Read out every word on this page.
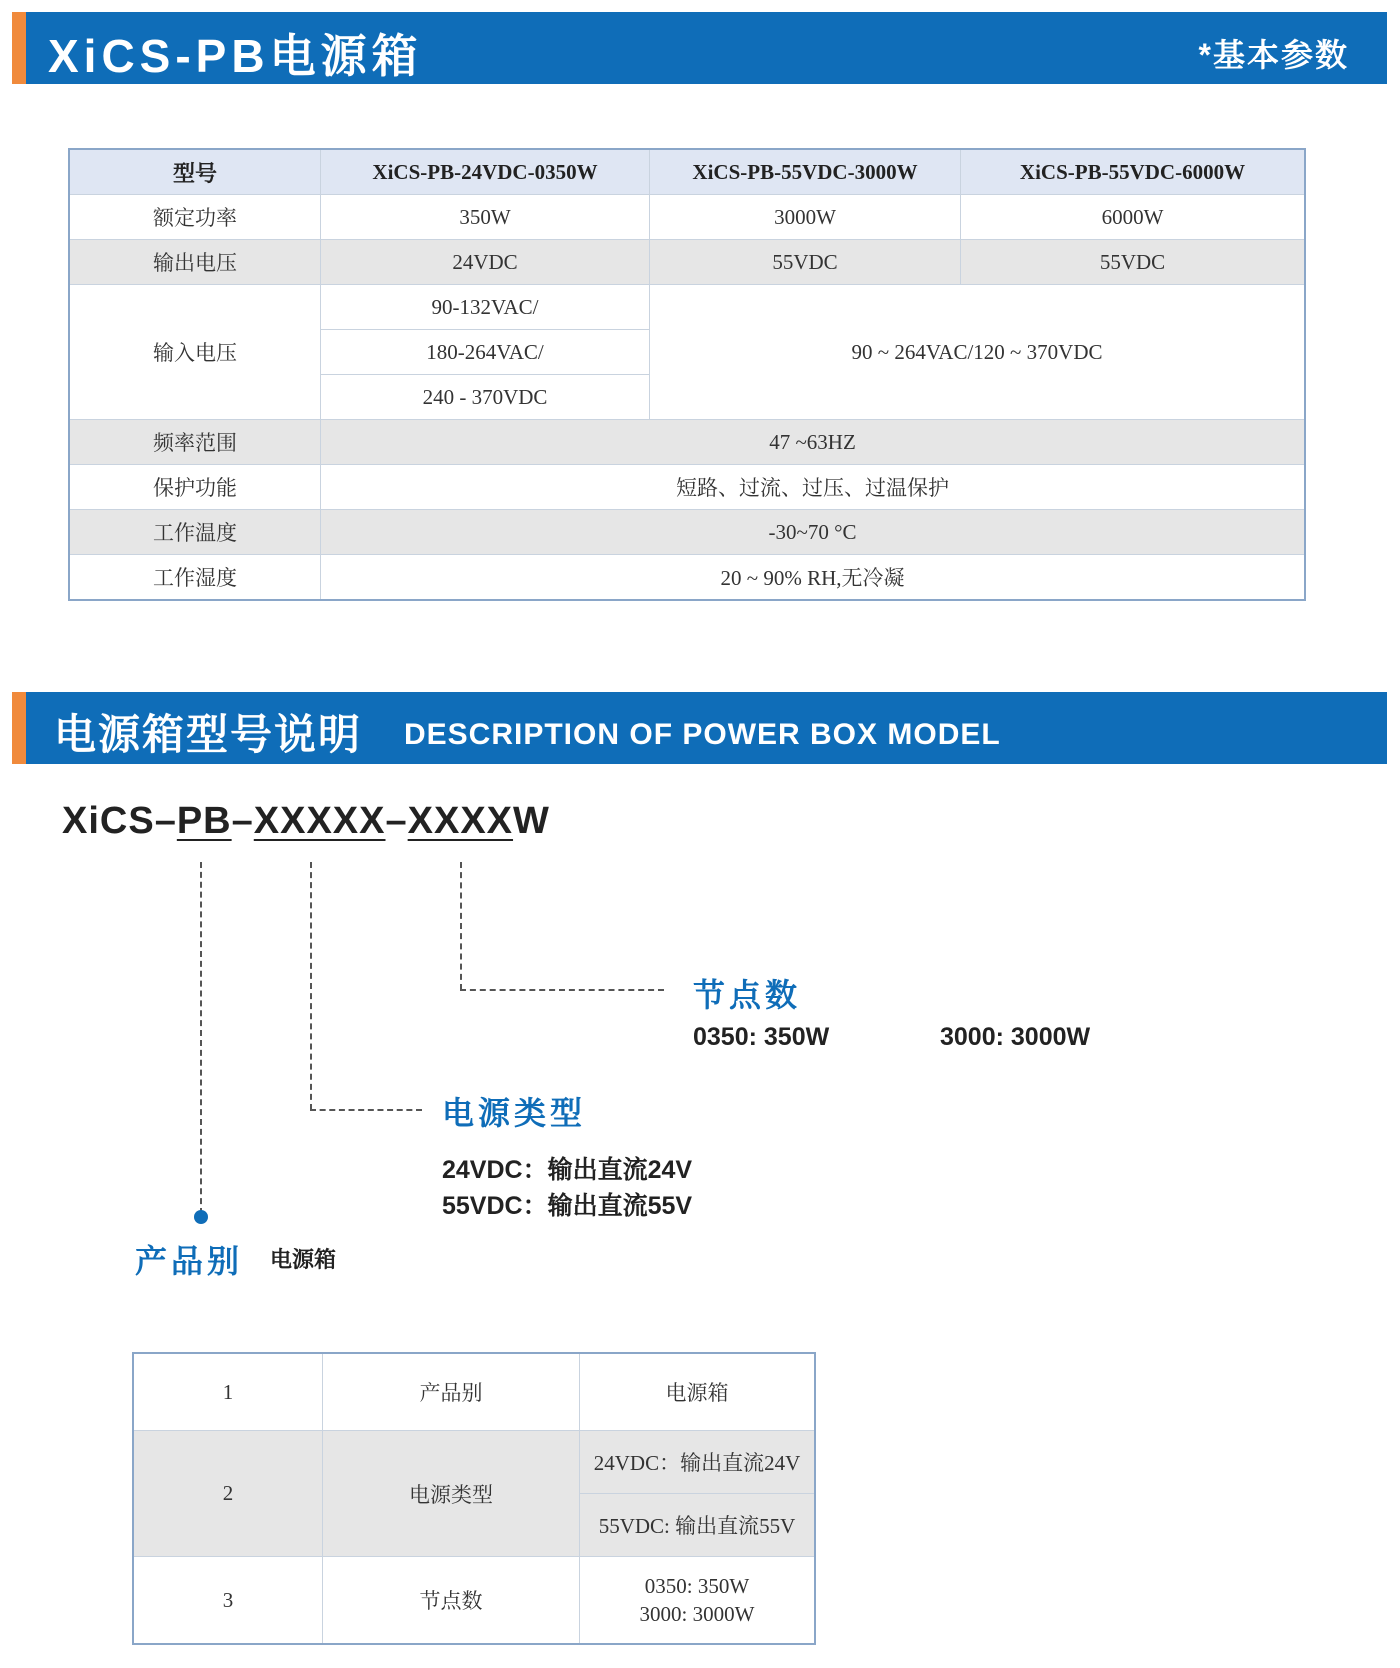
XiCS-PB电源箱	*基本参数
型号	XiCS-PB-24VDC-0350W	XiCS-PB-55VDC-3000W	XiCS-PB-55VDC-6000W
额定功率	350W	3000W	6000W
输出电压	24VDC	55VDC	55VDC
输入电压	90-132VAC/	90 ~ 264VAC/120 ~ 370VDC	
	180-264VAC/		
	240 - 370VDC		
频率范围	47 ~63HZ		
保护功能	短路、过流、过压、过温保护		
工作温度	-30~70 °C		
工作湿度	20 ~ 90% RH,无冷凝		
电源箱型号说明 DESCRIPTION OF POWER BOX MODEL
XiCS–PB–XXXXX–XXXXW
节点数
0350: 350W	3000: 3000W
电源类型
24VDC：输出直流24V
55VDC：输出直流55V
产品别 电源箱
1	产品别	电源箱
2	电源类型	24VDC：输出直流24V
		55VDC: 输出直流55V
3	节点数	0350: 350W
3000: 3000W
